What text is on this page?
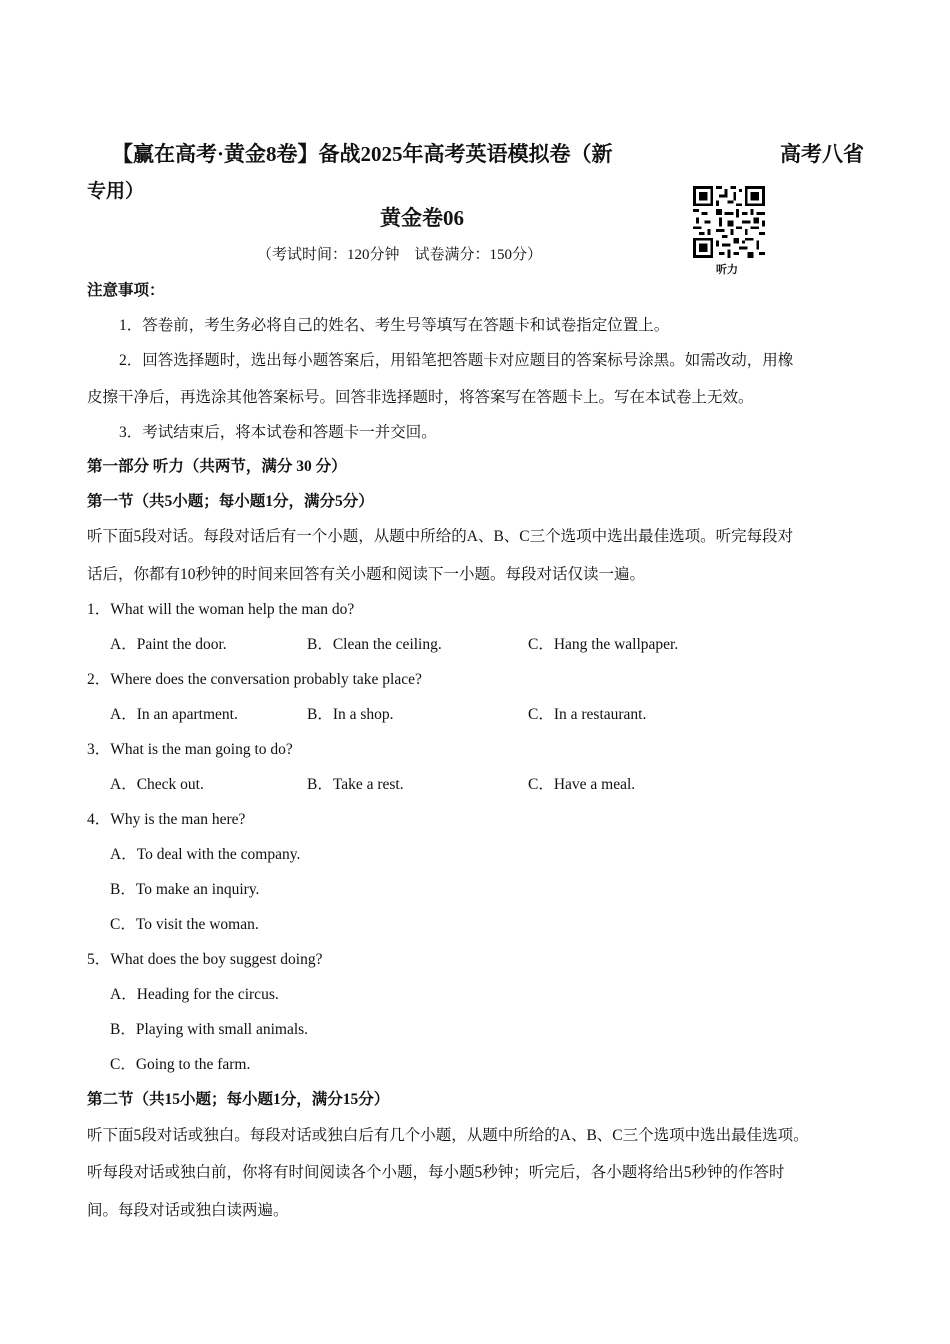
【赢在高考·黄金8卷】备战2025年高考英语模拟卷（新	高考八省
专用）
黄金卷06
（考试时间：120分钟　试卷满分：150分）
听力
注意事项：
1．答卷前，考生务必将自己的姓名、考生号等填写在答题卡和试卷指定位置上。
2．回答选择题时，选出每小题答案后，用铅笔把答题卡对应题目的答案标号涂黑。如需改动，用橡
皮擦干净后，再选涂其他答案标号。回答非选择题时，将答案写在答题卡上。写在本试卷上无效。
3．考试结束后，将本试卷和答题卡一并交回。
第一部分 听力（共两节，满分 30 分）
第一节（共5小题；每小题1分，满分5分）
听下面5段对话。每段对话后有一个小题，从题中所给的A、B、C三个选项中选出最佳选项。听完每段对
话后，你都有10秒钟的时间来回答有关小题和阅读下一小题。每段对话仅读一遍。
1．What will the woman help the man do?
A．Paint the door.	B．Clean the ceiling.	C．Hang the wallpaper.
2．Where does the conversation probably take place?
A．In an apartment.	B．In a shop.	C．In a restaurant.
3．What is the man going to do?
A．Check out.	B．Take a rest.	C．Have a meal.
4．Why is the man here?
A．To deal with the company.
B．To make an inquiry.
C．To visit the woman.
5．What does the boy suggest doing?
A．Heading for the circus.
B．Playing with small animals.
C．Going to the farm.
第二节（共15小题；每小题1分，满分15分）
听下面5段对话或独白。每段对话或独白后有几个小题，从题中所给的A、B、C三个选项中选出最佳选项。
听每段对话或独白前，你将有时间阅读各个小题，每小题5秒钟；听完后，各小题将给出5秒钟的作答时
间。每段对话或独白读两遍。
